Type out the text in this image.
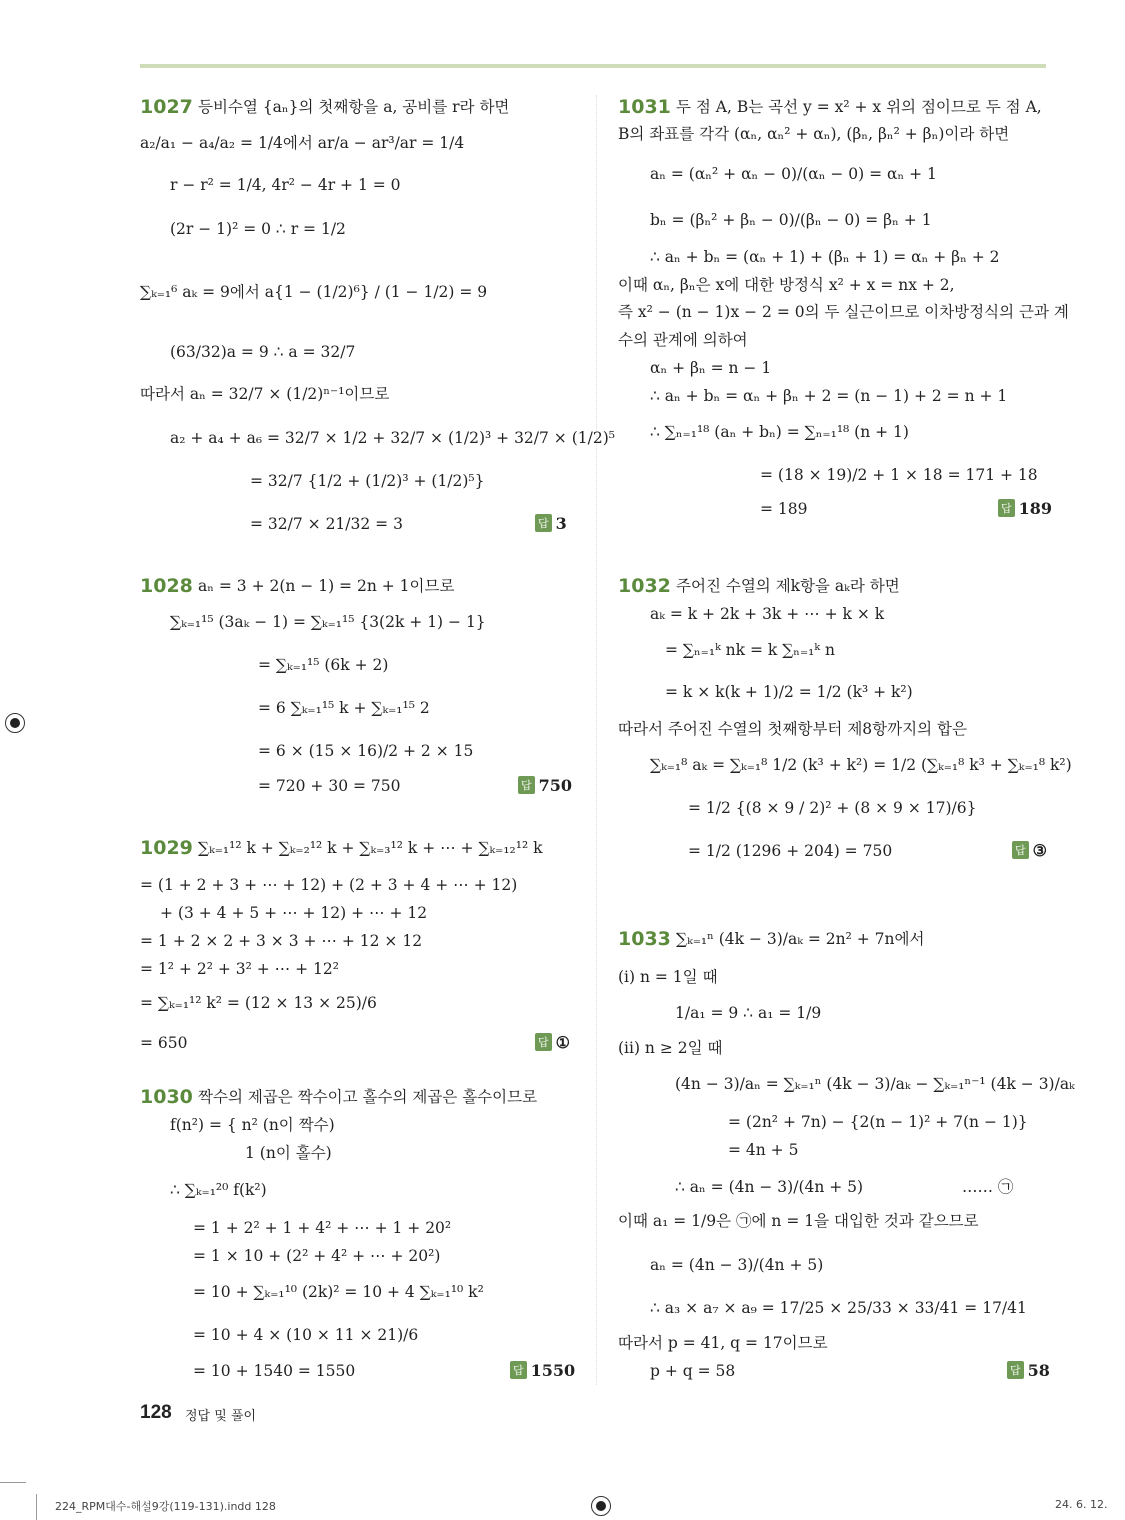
1027 등비수열 {aₙ}의 첫째항을 a, 공비를 r라 하면
a₂/a₁ − a₄/a₂ = 1/4에서 ar/a − ar³/ar = 1/4
r − r² = 1/4, 4r² − 4r + 1 = 0
(2r − 1)² = 0 ∴ r = 1/2
∑ₖ₌₁⁶ aₖ = 9에서 a{1 − (1/2)⁶} / (1 − 1/2) = 9
(63/32)a = 9 ∴ a = 32/7
따라서 aₙ = 32/7 × (1/2)ⁿ⁻¹이므로
a₂ + a₄ + a₆ = 32/7 × 1/2 + 32/7 × (1/2)³ + 32/7 × (1/2)⁵
= 32/7 {1/2 + (1/2)³ + (1/2)⁵}
= 32/7 × 21/32 = 3	답 3
1028 aₙ = 3 + 2(n − 1) = 2n + 1이므로
∑ₖ₌₁¹⁵ (3aₖ − 1) = ∑ₖ₌₁¹⁵ {3(2k + 1) − 1}
= ∑ₖ₌₁¹⁵ (6k + 2)
= 6 ∑ₖ₌₁¹⁵ k + ∑ₖ₌₁¹⁵ 2
= 6 × (15 × 16)/2 + 2 × 15
= 720 + 30 = 750	답 750
1029 ∑ₖ₌₁¹² k + ∑ₖ₌₂¹² k + ∑ₖ₌₃¹² k + ⋯ + ∑ₖ₌₁₂¹² k
= (1 + 2 + 3 + ⋯ + 12) + (2 + 3 + 4 + ⋯ + 12)
+ (3 + 4 + 5 + ⋯ + 12) + ⋯ + 12
= 1 + 2 × 2 + 3 × 3 + ⋯ + 12 × 12
= 1² + 2² + 3² + ⋯ + 12²
= ∑ₖ₌₁¹² k² = (12 × 13 × 25)/6
= 650	답 ①
1030 짝수의 제곱은 짝수이고 홀수의 제곱은 홀수이므로
f(n²) = { n² (n이 짝수)
1 (n이 홀수)
∴ ∑ₖ₌₁²⁰ f(k²)
= 1 + 2² + 1 + 4² + ⋯ + 1 + 20²
= 1 × 10 + (2² + 4² + ⋯ + 20²)
= 10 + ∑ₖ₌₁¹⁰ (2k)² = 10 + 4 ∑ₖ₌₁¹⁰ k²
= 10 + 4 × (10 × 11 × 21)/6
= 10 + 1540 = 1550	답 1550
1031 두 점 A, B는 곡선 y = x² + x 위의 점이므로 두 점 A,
B의 좌표를 각각 (αₙ, αₙ² + αₙ), (βₙ, βₙ² + βₙ)이라 하면
aₙ = (αₙ² + αₙ − 0)/(αₙ − 0) = αₙ + 1
bₙ = (βₙ² + βₙ − 0)/(βₙ − 0) = βₙ + 1
∴ aₙ + bₙ = (αₙ + 1) + (βₙ + 1) = αₙ + βₙ + 2
이때 αₙ, βₙ은 x에 대한 방정식 x² + x = nx + 2,
즉 x² − (n − 1)x − 2 = 0의 두 실근이므로 이차방정식의 근과 계
수의 관계에 의하여
αₙ + βₙ = n − 1
∴ aₙ + bₙ = αₙ + βₙ + 2 = (n − 1) + 2 = n + 1
∴ ∑ₙ₌₁¹⁸ (aₙ + bₙ) = ∑ₙ₌₁¹⁸ (n + 1)
= (18 × 19)/2 + 1 × 18 = 171 + 18
= 189	답 189
1032 주어진 수열의 제k항을 aₖ라 하면
aₖ = k + 2k + 3k + ⋯ + k × k
= ∑ₙ₌₁ᵏ nk = k ∑ₙ₌₁ᵏ n
= k × k(k + 1)/2 = 1/2 (k³ + k²)
따라서 주어진 수열의 첫째항부터 제8항까지의 합은
∑ₖ₌₁⁸ aₖ = ∑ₖ₌₁⁸ 1/2 (k³ + k²) = 1/2 (∑ₖ₌₁⁸ k³ + ∑ₖ₌₁⁸ k²)
= 1/2 {(8 × 9 / 2)² + (8 × 9 × 17)/6}
= 1/2 (1296 + 204) = 750	답 ③
1033 ∑ₖ₌₁ⁿ (4k − 3)/aₖ = 2n² + 7n에서
(i) n = 1일 때
1/a₁ = 9 ∴ a₁ = 1/9
(ii) n ≥ 2일 때
(4n − 3)/aₙ = ∑ₖ₌₁ⁿ (4k − 3)/aₖ − ∑ₖ₌₁ⁿ⁻¹ (4k − 3)/aₖ
= (2n² + 7n) − {2(n − 1)² + 7(n − 1)}
= 4n + 5
∴ aₙ = (4n − 3)/(4n + 5)	…… ㉠
이때 a₁ = 1/9은 ㉠에 n = 1을 대입한 것과 같으므로
aₙ = (4n − 3)/(4n + 5)
∴ a₃ × a₇ × a₉ = 17/25 × 25/33 × 33/41 = 17/41
따라서 p = 41, q = 17이므로
p + q = 58	답 58
128 정답 및 풀이
224_RPM대수-해설9강(119-131).indd 128	24. 6. 12.
